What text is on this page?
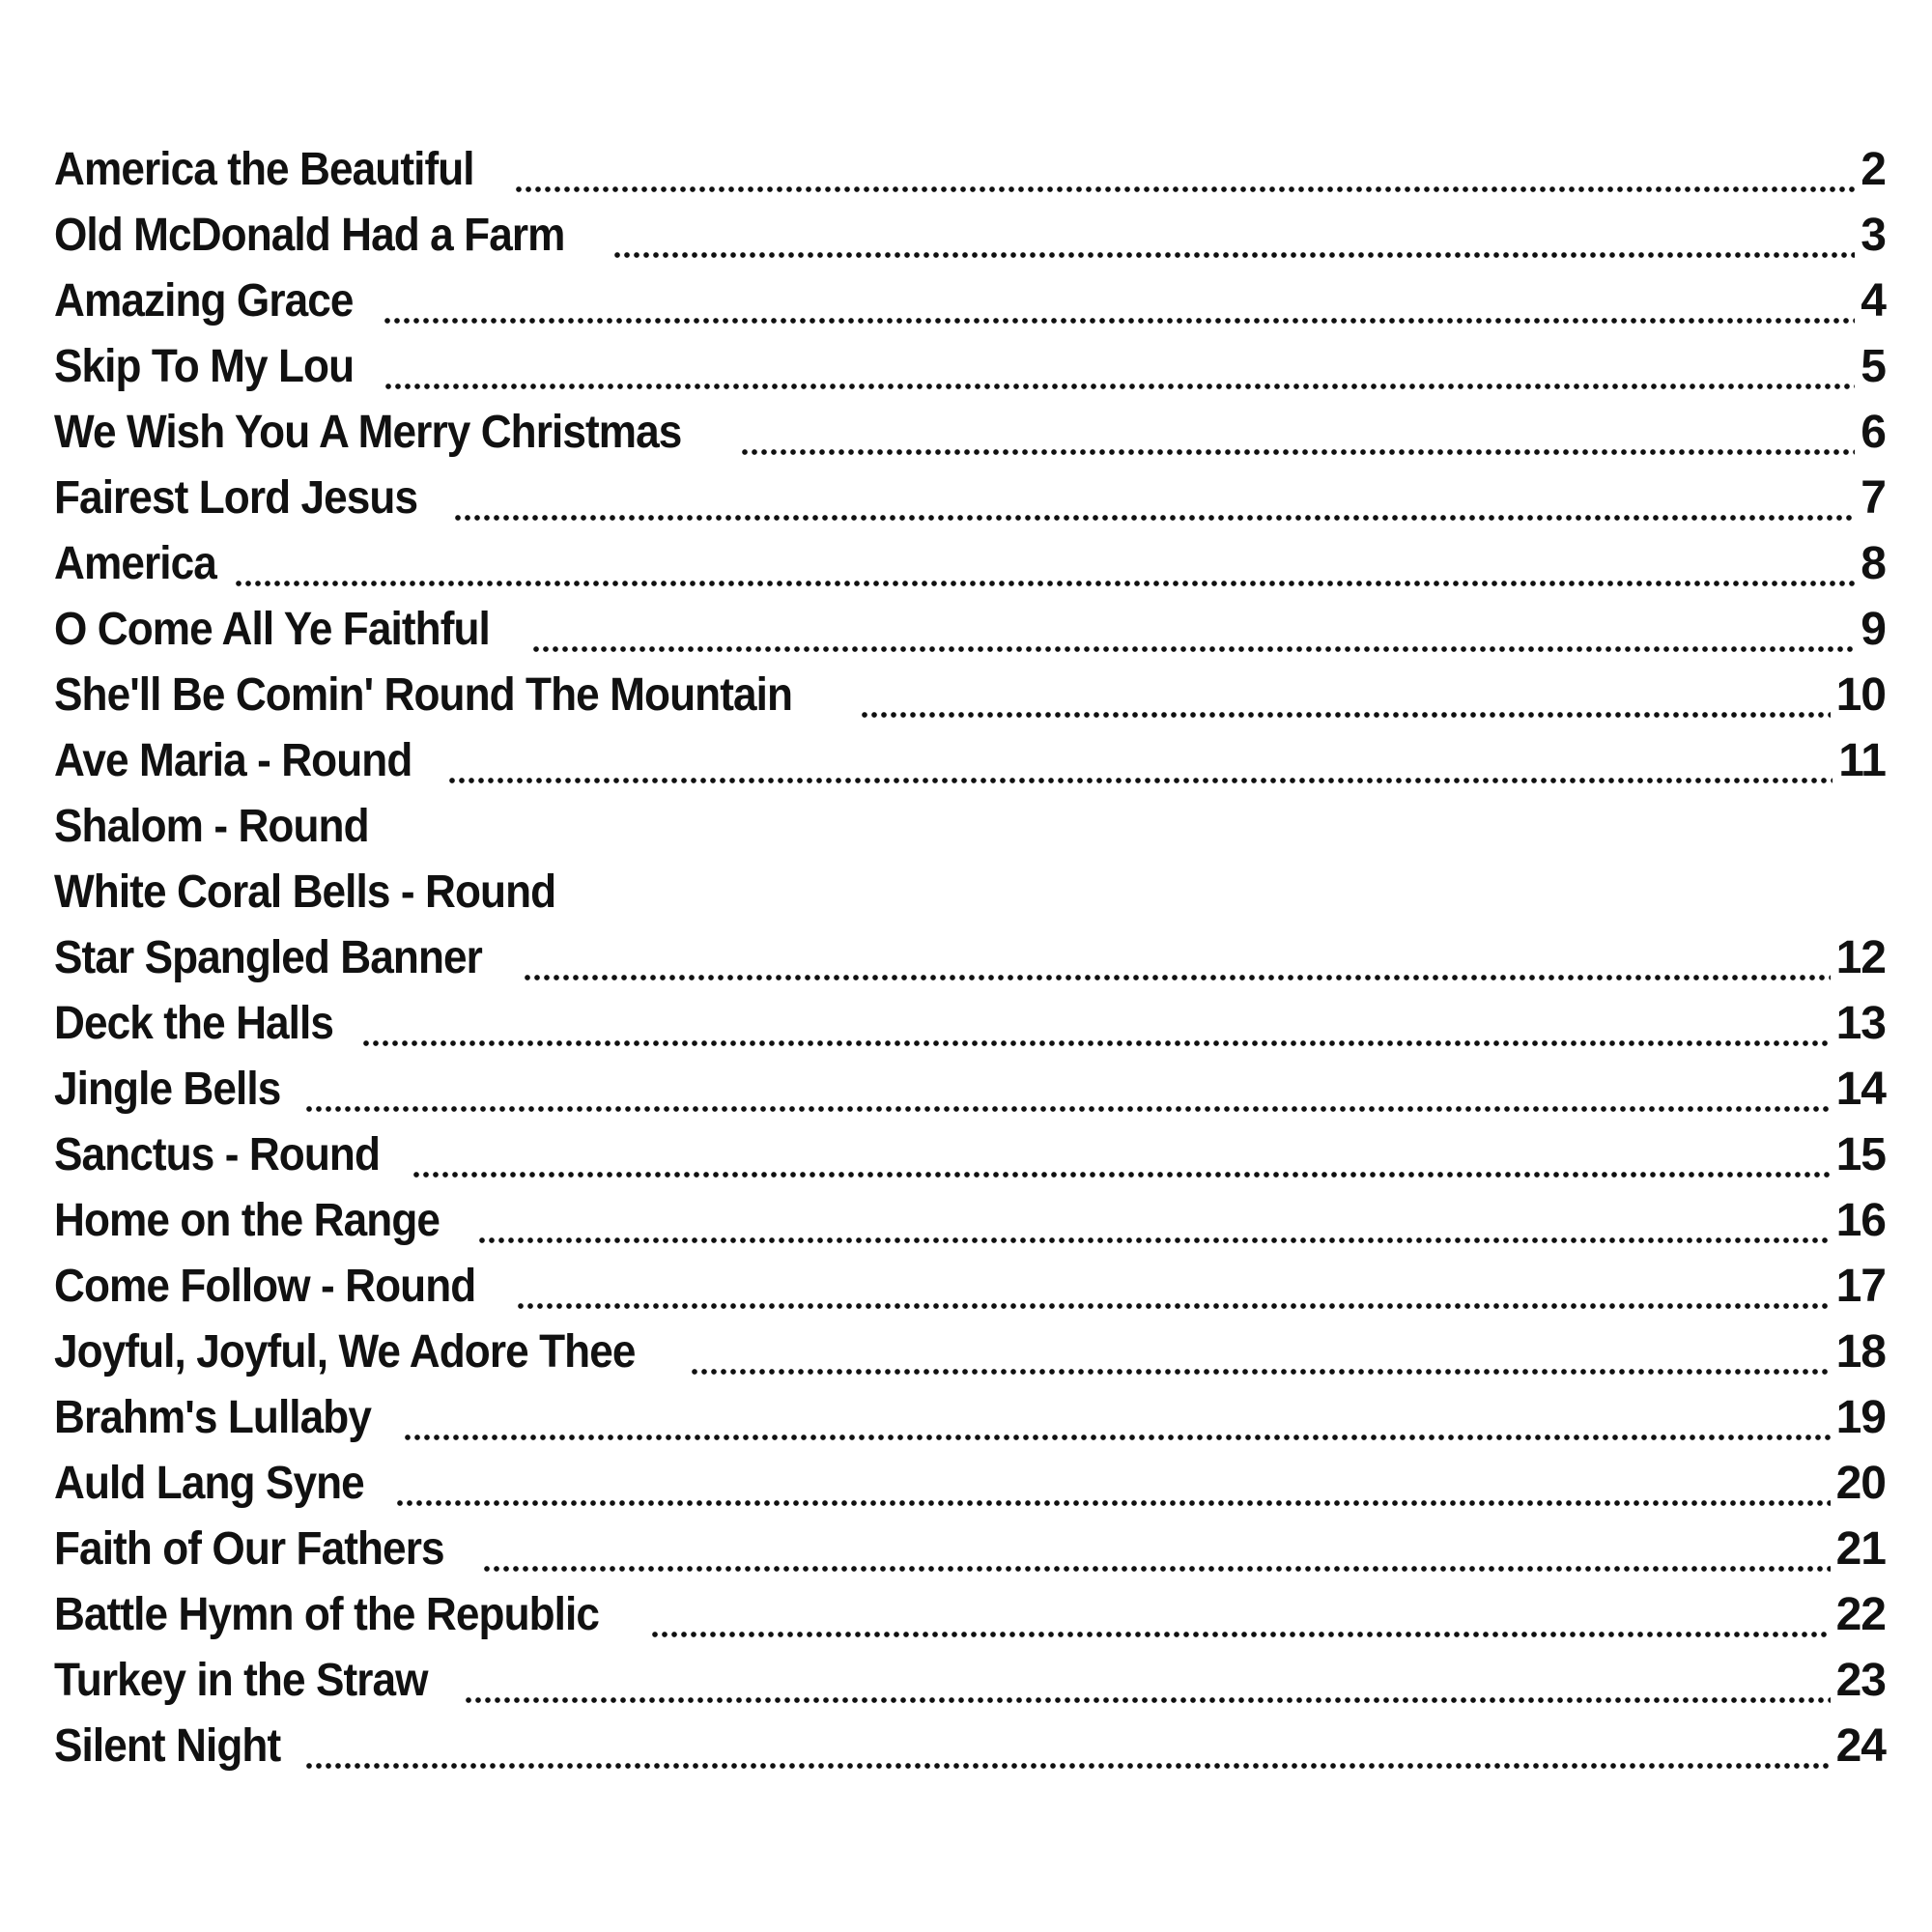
America the Beautiful	2
Old McDonald Had a Farm	3
Amazing Grace	4
Skip To My Lou	5
We Wish You A Merry Christmas	6
Fairest Lord Jesus	7
America	8
O Come All Ye Faithful	9
She'll Be Comin' Round The Mountain	10
Ave Maria - Round	11
Shalom - Round
White Coral Bells - Round
Star Spangled Banner	12
Deck the Halls	13
Jingle Bells	14
Sanctus - Round	15
Home on the Range	16
Come Follow - Round	17
Joyful, Joyful, We Adore Thee	18
Brahm's Lullaby	19
Auld Lang Syne	20
Faith of Our Fathers	21
Battle Hymn of the Republic	22
Turkey in the Straw	23
Silent Night	24
